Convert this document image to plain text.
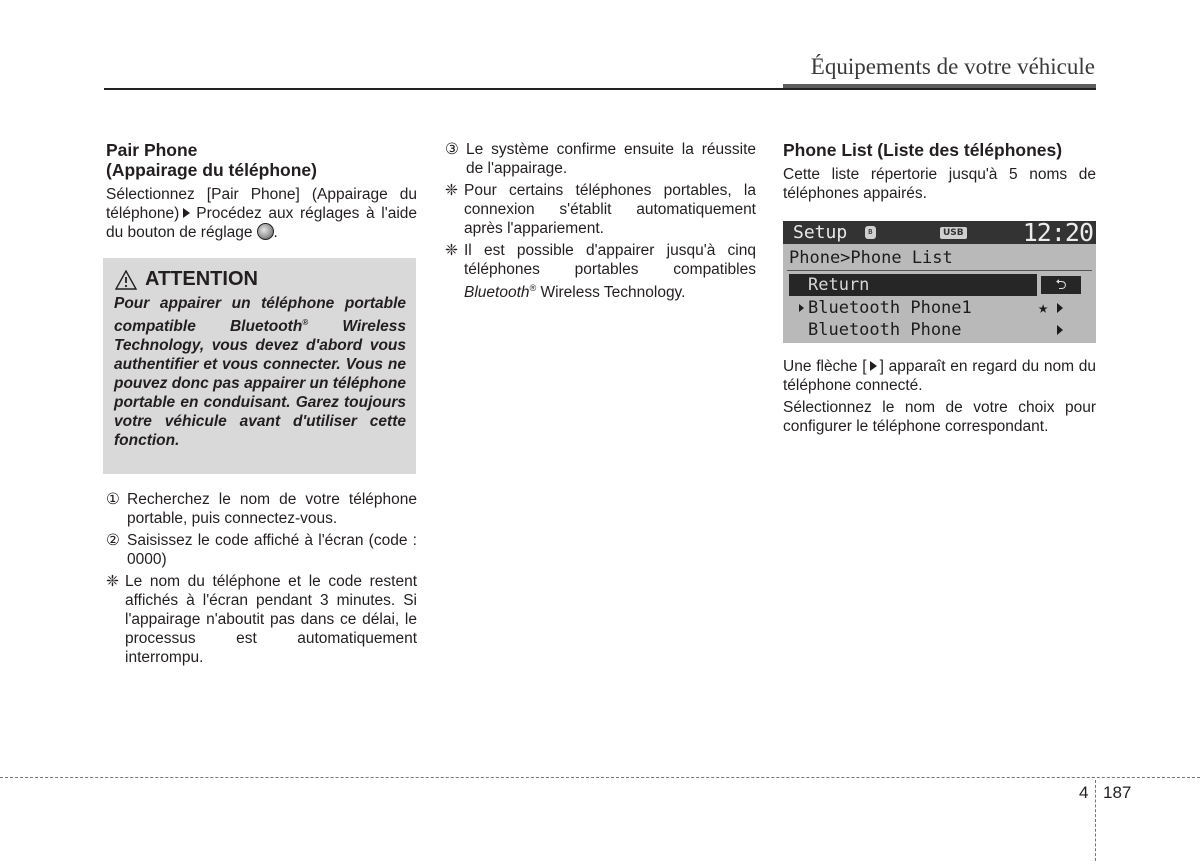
Équipements de votre véhicule
Pair Phone
(Appairage du téléphone)

Sélectionnez [Pair Phone] (Appairage du téléphone) Procédez aux réglages à l'aide du bouton de réglage .

ATTENTION
Pour appairer un téléphone portable compatible Bluetooth® Wireless Technology, vous devez d'abord vous authentifier et vous connecter. Vous ne pouvez donc pas appairer un téléphone portable en conduisant. Garez toujours votre véhicule avant d'utiliser cette fonction.
① Recherchez le nom de votre téléphone portable, puis connectez-vous.
② Saisissez le code affiché à l'écran (code : 0000)
❈ Le nom du téléphone et le code restent affichés à l'écran pendant 3 minutes. Si l'appairage n'aboutit pas dans ce délai, le processus est automatiquement interrompu.
③ Le système confirme ensuite la réussite de l'appairage.
❈ Pour certains téléphones portables, la connexion s'établit automatiquement après l'appariement.
❈ Il est possible d'appairer jusqu'à cinq téléphones portables compatibles Bluetooth® Wireless Technology.
Phone List (Liste des téléphones)

Cette liste répertorie jusqu'à 5 noms de téléphones appairés.

Setup	ʙ	USB 12:20
Phone>Phone List
Return	⮌
Bluetooth Phone1	★
Bluetooth Phone

Une flèche [ ] apparaît en regard du nom du téléphone connecté.

Sélectionnez le nom de votre choix pour configurer le téléphone correspondant.

4 187
